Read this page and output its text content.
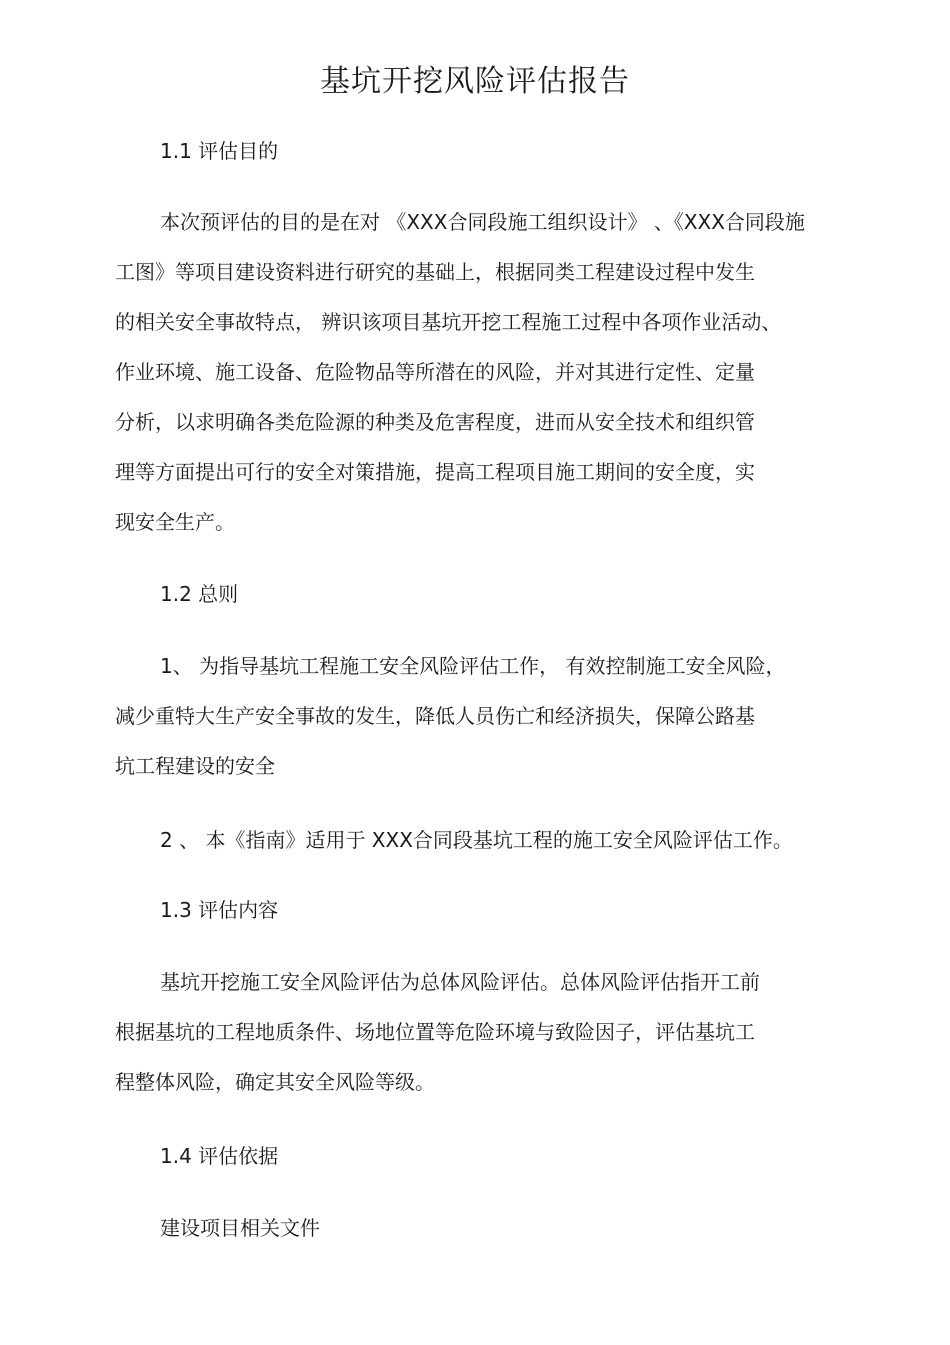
基坑开挖风险评估报告
1.1 评估目的
本次预评估的目的是在对 《XXX合同段施工组织设计》 、《XXX合同段施
工图》等项目建设资料进行研究的基础上，根据同类工程建设过程中发生
的相关安全事故特点， 辨识该项目基坑开挖工程施工过程中各项作业活动、
作业环境、施工设备、危险物品等所潜在的风险，并对其进行定性、定量
分析，以求明确各类危险源的种类及危害程度，进而从安全技术和组织管
理等方面提出可行的安全对策措施，提高工程项目施工期间的安全度，实
现安全生产。
1.2 总则
1、 为指导基坑工程施工安全风险评估工作， 有效控制施工安全风险，
减少重特大生产安全事故的发生，降低人员伤亡和经济损失，保障公路基
坑工程建设的安全
2 、 本《指南》适用于 XXX合同段基坑工程的施工安全风险评估工作。
1.3 评估内容
基坑开挖施工安全风险评估为总体风险评估。总体风险评估指开工前
根据基坑的工程地质条件、场地位置等危险环境与致险因子，评估基坑工
程整体风险，确定其安全风险等级。
1.4 评估依据
建设项目相关文件
